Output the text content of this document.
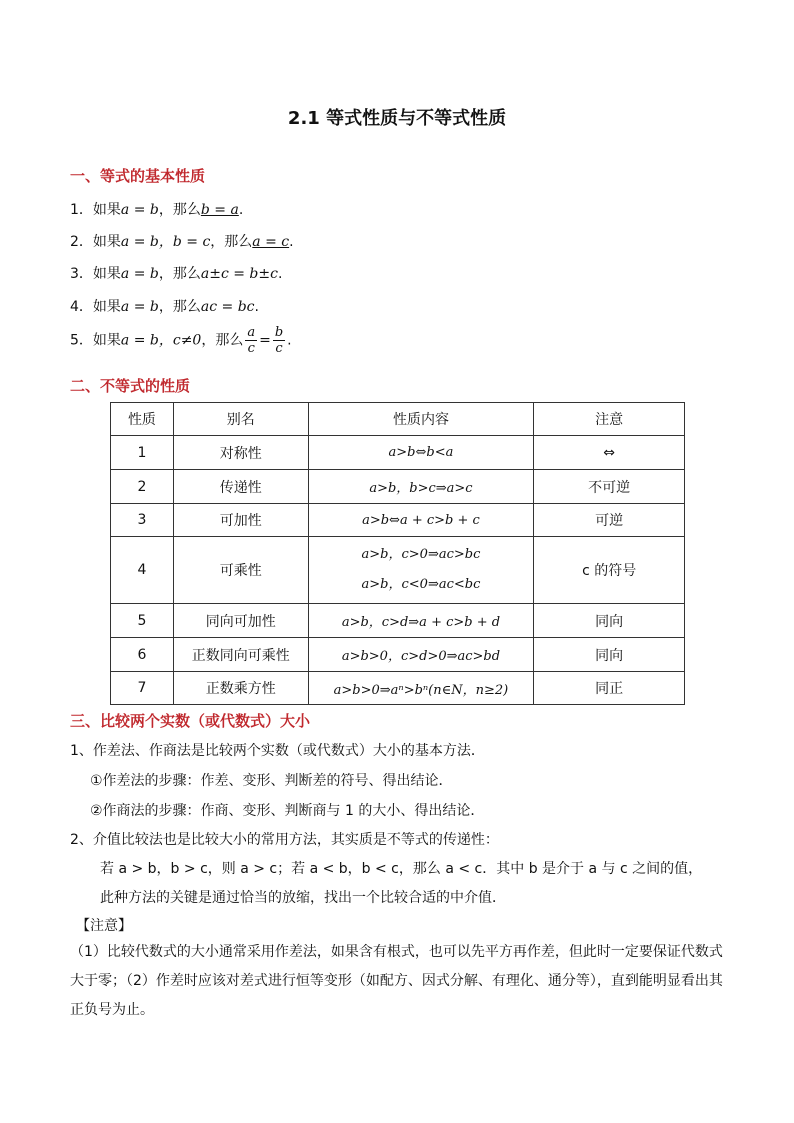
2.1 等式性质与不等式性质
一、等式的基本性质
1．如果a = b，那么b = a.
2．如果a = b，b = c，那么a = c.
3．如果a = b，那么a±c = b±c.
4．如果a = b，那么ac = bc.
5．如果a = b，c≠0，那么 $\frac{a}{c} = \frac{b}{c}$ .
二、不等式的性质
性质	别名	性质内容	注意
1	对称性	a>b⇔b<a	⇔
2	传递性	a>b，b>c⇒a>c	不可逆
3	可加性	a>b⇔a + c>b + c	可逆
4	可乘性	a>b，c>0⇒ac>bc
a>b，c<0⇒ac<bc	c 的符号
5	同向可加性	a>b，c>d⇒a + c>b + d	同向
6	正数同向可乘性	a>b>0，c>d>0⇒ac>bd	同向
7	正数乘方性	a>b>0⇒aⁿ>bⁿ(n∈N，n≥2)	同正
三、比较两个实数（或代数式）大小
1、作差法、作商法是比较两个实数（或代数式）大小的基本方法．
①作差法的步骤：作差、变形、判断差的符号、得出结论．
②作商法的步骤：作商、变形、判断商与 1 的大小、得出结论．
2、介值比较法也是比较大小的常用方法，其实质是不等式的传递性：
若 a > b，b > c，则 a > c；若 a < b，b < c，那么 a < c．其中 b 是介于 a 与 c 之间的值，
此种方法的关键是通过恰当的放缩，找出一个比较合适的中介值．
【注意】
（1）比较代数式的大小通常采用作差法，如果含有根式，也可以先平方再作差，但此时一定要保证代数式大于零；（2）作差时应该对差式进行恒等变形（如配方、因式分解、有理化、通分等），直到能明显看出其正负号为止。
